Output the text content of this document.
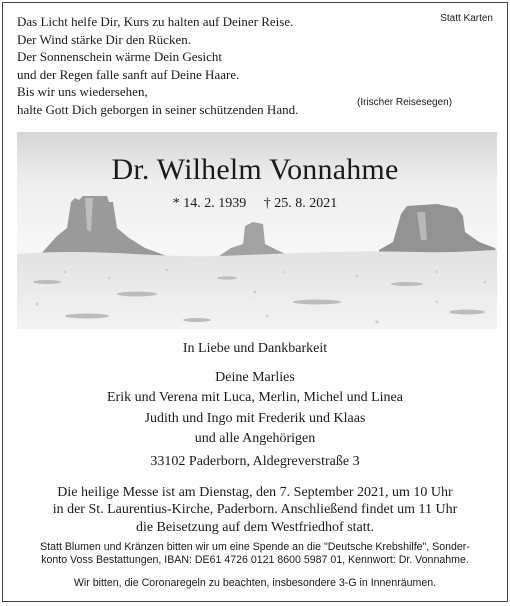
Das Licht helfe Dir, Kurs zu halten auf Deiner Reise.
Der Wind stärke Dir den Rücken.
Der Sonnenschein wärme Dein Gesicht
und der Regen falle sanft auf Deine Haare.
Bis wir uns wiedersehen,
halte Gott Dich geborgen in seiner schützenden Hand.
Statt Karten
(Irischer Reisesegen)
Dr. Wilhelm Vonnahme
* 14. 2. 1939 † 25. 8. 2021
In Liebe und Dankbarkeit
Deine Marlies
Erik und Verena mit Luca, Merlin, Michel und Linea
Judith und Ingo mit Frederik und Klaas
und alle Angehörigen
33102 Paderborn, Aldegreverstraße 3
Die heilige Messe ist am Dienstag, den 7. September 2021, um 10 Uhr
in der St. Laurentius-Kirche, Paderborn. Anschließend findet um 11 Uhr
die Beisetzung auf dem Westfriedhof statt.
Statt Blumen und Kränzen bitten wir um eine Spende an die "Deutsche Krebshilfe", Sonder-
konto Voss Bestattungen, IBAN: DE61 4726 0121 8600 5987 01, Kennwort: Dr. Vonnahme.
Wir bitten, die Coronaregeln zu beachten, insbesondere 3-G in Innenräumen.
